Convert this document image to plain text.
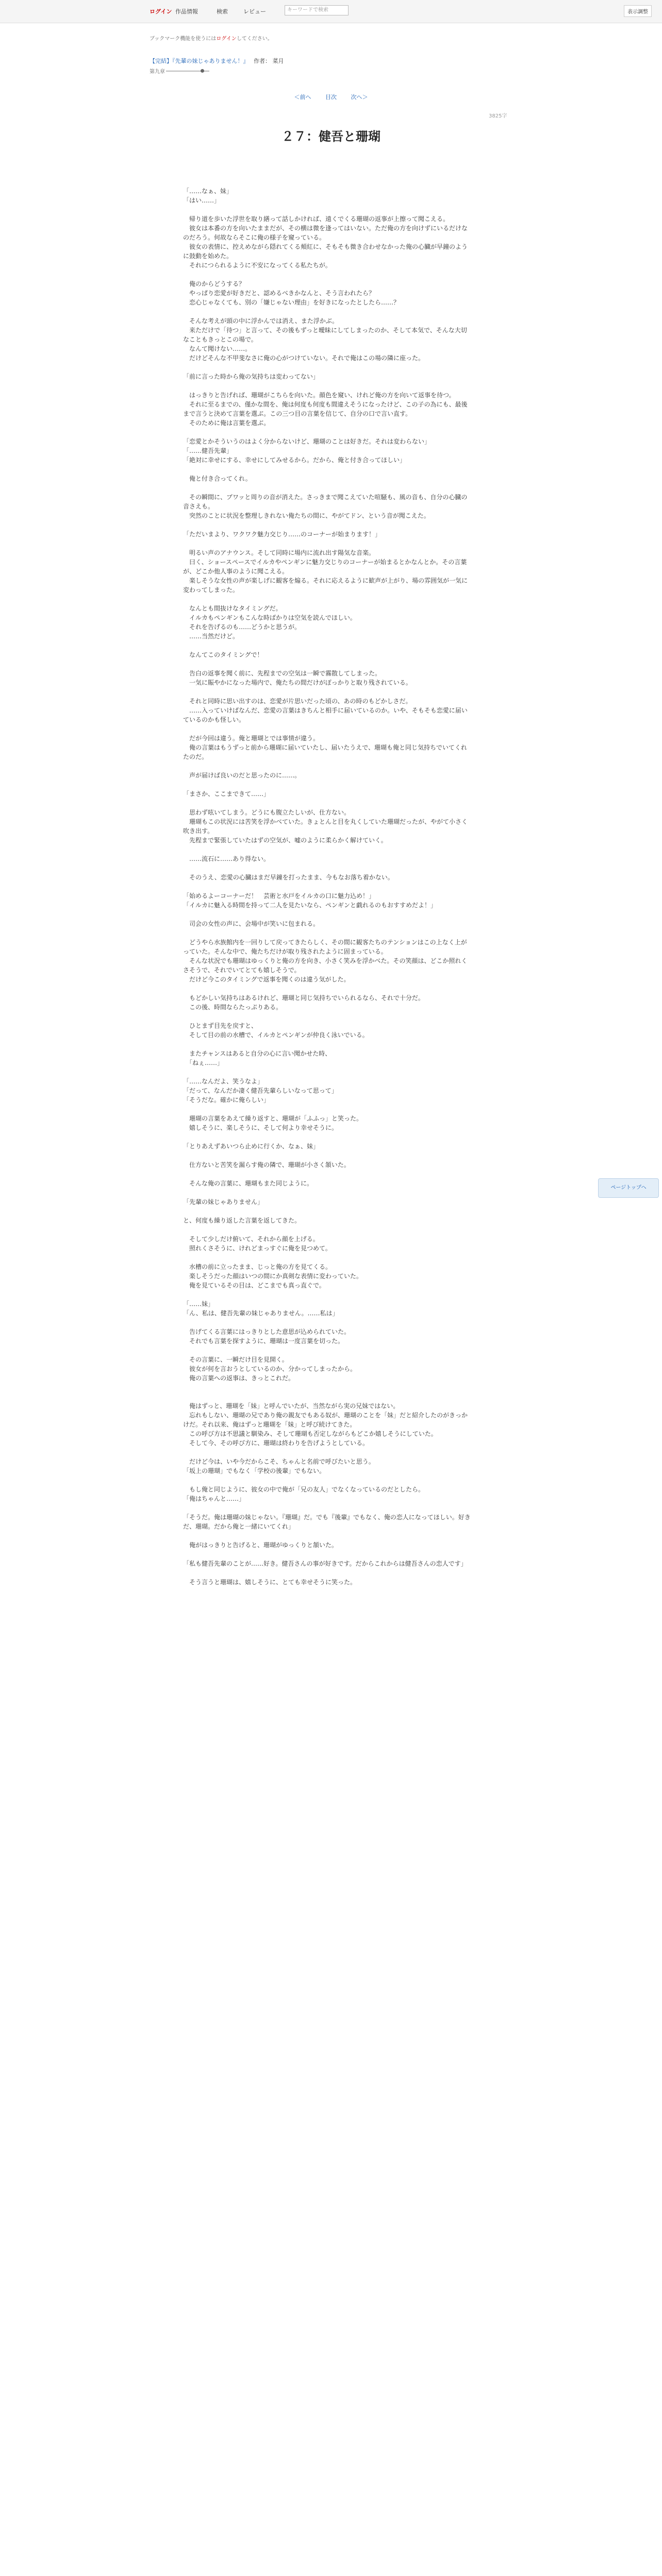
ログイン 作品情報	検索	レビュー	キーワードで検索	表示調整
ブックマーク機能を使うにはログインしてください。
【完結】『先輩の妹じゃありません！』 作者： 菜月
第九章
＜前へ	目次	次へ＞
3825字
２７：健吾と珊瑚

「……なぁ、妹」

「はい……」

　帰り道を歩いた浮世を取り繕って話しかければ、遠くでくる珊瑚の返事が上擦って聞こえる。

　彼女は本番の方を向いたままだが、その横は微を逢ってはいない。ただ俺の方を向けずにいるだけなのだろう。何故ならそこに俺の様子を窺っている。

　彼女の表情に、控えめながら隠れてくる頬紅に、そもそも微き合わせなかった俺の心臓が早鐘のように鼓動を始めた。

　それにつられるように不安になってくる私たちが。

　俺のからどうする？

　やっぱり恋愛が好きだと、認めるべきかなんと、そう言われたら？

　恋心じゃなくても、別の「嫌じゃない理由」を好きになったとしたら……？

　そんな考えが頭の中に浮かんでは消え、また浮かぶ。

　来ただけで「待つ」と言って、その後もずっと曖昧にしてしまったのか、そして本気で、そんな大切なこともきっとこの場で。

　なんて聞けない……。

　だけどそんな不甲斐なさに俺の心がつけていない。それで俺はこの場の隣に座った。

「前に言った時から俺の気持ちは変わってない」

　はっきりと告げれば、珊瑚がこちらを向いた。顔色を窺い、けれど俺の方を向いて返事を待つ。

　それに至るまでの、僅かな間を、俺は何度も何度も間違えそうになったけど、この子の為にも、最後まで言うと決めて言葉を選ぶ。この三つ目の言葉を信じて、自分の口で言い直す。

　そのために俺は言葉を選ぶ。

「恋愛とかそういうのはよく分からないけど、珊瑚のことは好きだ。それは変わらない」

「……健吾先輩」

「絶対に幸せにする、幸せにしてみせるから。だから、俺と付き合ってほしい」

　俺と付き合ってくれ。

　その瞬間に、ブワッと周りの音が消えた。さっきまで聞こえていた喧騒も、風の音も、自分の心臓の音さえも。

　突然のことに状況を整理しきれない俺たちの間に、やがてドン、という音が聞こえた。

「ただいまより、ワクワク魅力交じり……のコーナーが始まります！」

　明るい声のアナウンス。そして同時に場内に流れ出す陽気な音楽。

　曰く、ショースペースでイルカやペンギンに魅力交じりのコーナーが始まるとかなんとか。その言葉が、どこか他人事のように聞こえる。

　楽しそうな女性の声が楽しげに観客を煽る。それに応えるように歓声が上がり、場の雰囲気が一気に変わってしまった。

　なんとも間抜けなタイミングだ。

　イルカもペンギンもこんな時ばかりは空気を読んでほしい。

　それを告げるのも……どうかと思うが。

　……当然だけど。

　なんてこのタイミングで！

　告白の返事を聞く前に、先程までの空気は一瞬で霧散してしまった。

　一気に賑やかになった場内で、俺たちの間だけがぽっかりと取り残されている。

　それと同時に思い出すのは、恋愛が片思いだった頃の、あの時のもどかしさだ。

　……入っていけばなんだ、恋愛の言葉はきちんと相手に届いているのか。いや、そもそも恋愛に届いているのかも怪しい。

　だが今回は違う。俺と珊瑚とでは事情が違う。

　俺の言葉はもうずっと前から珊瑚に届いていたし、届いたうえで、珊瑚も俺と同じ気持ちでいてくれたのだ。

　声が届けば良いのだと思ったのに……。

「まさか、ここまできて……」

　思わず呟いてしまう。どうにも腹立たしいが、仕方ない。

　珊瑚もこの状況には苦笑を浮かべていた。きょとんと目を丸くしていた珊瑚だったが、やがて小さく吹き出す。

　先程まで緊張していたはずの空気が、嘘のように柔らかく解けていく。

　……流石に……あり得ない。

　そのうえ、恋愛の心臓はまだ早鐘を打ったまま、今もなお落ち着かない。

「始めるよーコーナーだ！　芸術と水戸をイルカの口に魅力込め！」

「イルカに魅入る時間を持って二人を見たいなら、ペンギンと戯れるのもおすすめだよ！」

　司会の女性の声に、会場中が笑いに包まれる。

　どうやら水族館内を一回りして戻ってきたらしく、その間に観客たちのテンションはこの上なく上がっていた。そんな中で、俺たちだけが取り残されたように固まっている。

　そんな状況でも珊瑚はゆっくりと俺の方を向き、小さく笑みを浮かべた。その笑顔は、どこか照れくさそうで、それでいてとても嬉しそうで。

　だけど今このタイミングで返事を聞くのは違う気がした。

　もどかしい気持ちはあるけれど、珊瑚と同じ気持ちでいられるなら、それで十分だ。

　この後、時間ならたっぷりある。

　ひとまず目先を戻すと、

　そして目の前の水槽で、イルカとペンギンが仲良く泳いでいる。

　またチャンスはあると自分の心に言い聞かせた時、

　「ねぇ……」

「……なんだよ、笑うなよ」

「だって、なんだか凄く健吾先輩らしいなって思って」

「そうだな。確かに俺らしい」

　珊瑚の言葉をあえて繰り返すと、珊瑚が「ふふっ」と笑った。

　嬉しそうに、楽しそうに、そして何より幸せそうに。

「とりあえずあいつら止めに行くか、なぁ、妹」

　仕方ないと苦笑を漏らす俺の隣で、珊瑚が小さく頷いた。

　そんな俺の言葉に、珊瑚もまた同じように。

「先輩の妹じゃありません」

と、何度も繰り返した言葉を返してきた。

　そして少しだけ俯いて、それから顔を上げる。

　照れくさそうに、けれどまっすぐに俺を見つめて。

　水槽の前に立ったまま、じっと俺の方を見てくる。

　楽しそうだった顔はいつの間にか真剣な表情に変わっていた。

　俺を見ているその目は、どこまでも真っ直ぐで。

「……妹」

「ん、私は、健吾先輩の妹じゃありません。……私は」

　告げてくる言葉にはっきりとした意思が込められていた。

　それでも言葉を探すように、珊瑚は一度言葉を切った。

　その言葉に、一瞬だけ目を見開く。

　彼女が何を言おうとしているのか、分かってしまったから。

　俺の言葉への返事は、きっとこれだ。

　俺はずっと、珊瑚を「妹」と呼んでいたが、当然ながら実の兄妹ではない。

　忘れもしない、珊瑚の兄であり俺の親友でもある奴が、珊瑚のことを「妹」だと紹介したのがきっかけだ。それ以来、俺はずっと珊瑚を「妹」と呼び続けてきた。

　この呼び方は不思議と馴染み、そして珊瑚も否定しながらもどこか嬉しそうにしていた。

　そして今、その呼び方に、珊瑚は終わりを告げようとしている。

　だけど今は、いや今だからこそ、ちゃんと名前で呼びたいと思う。

「坂上の珊瑚」でもなく「学校の後輩」でもない。

　もし俺と同じように、彼女の中で俺が「兄の友人」でなくなっているのだとしたら。

「俺はちゃんと……」

「そうだ。俺は珊瑚の妹じゃない。『珊瑚』だ。でも『後輩』でもなく、俺の恋人になってほしい。好きだ、珊瑚。だから俺と一緒にいてくれ」

　俺がはっきりと告げると、珊瑚がゆっくりと頷いた。

「私も健吾先輩のことが……好き。健吾さんの事が好きです。だからこれからは健吾さんの恋人です」

　そう言うと珊瑚は、嬉しそうに、とても幸せそうに笑った。

ページトップへ
